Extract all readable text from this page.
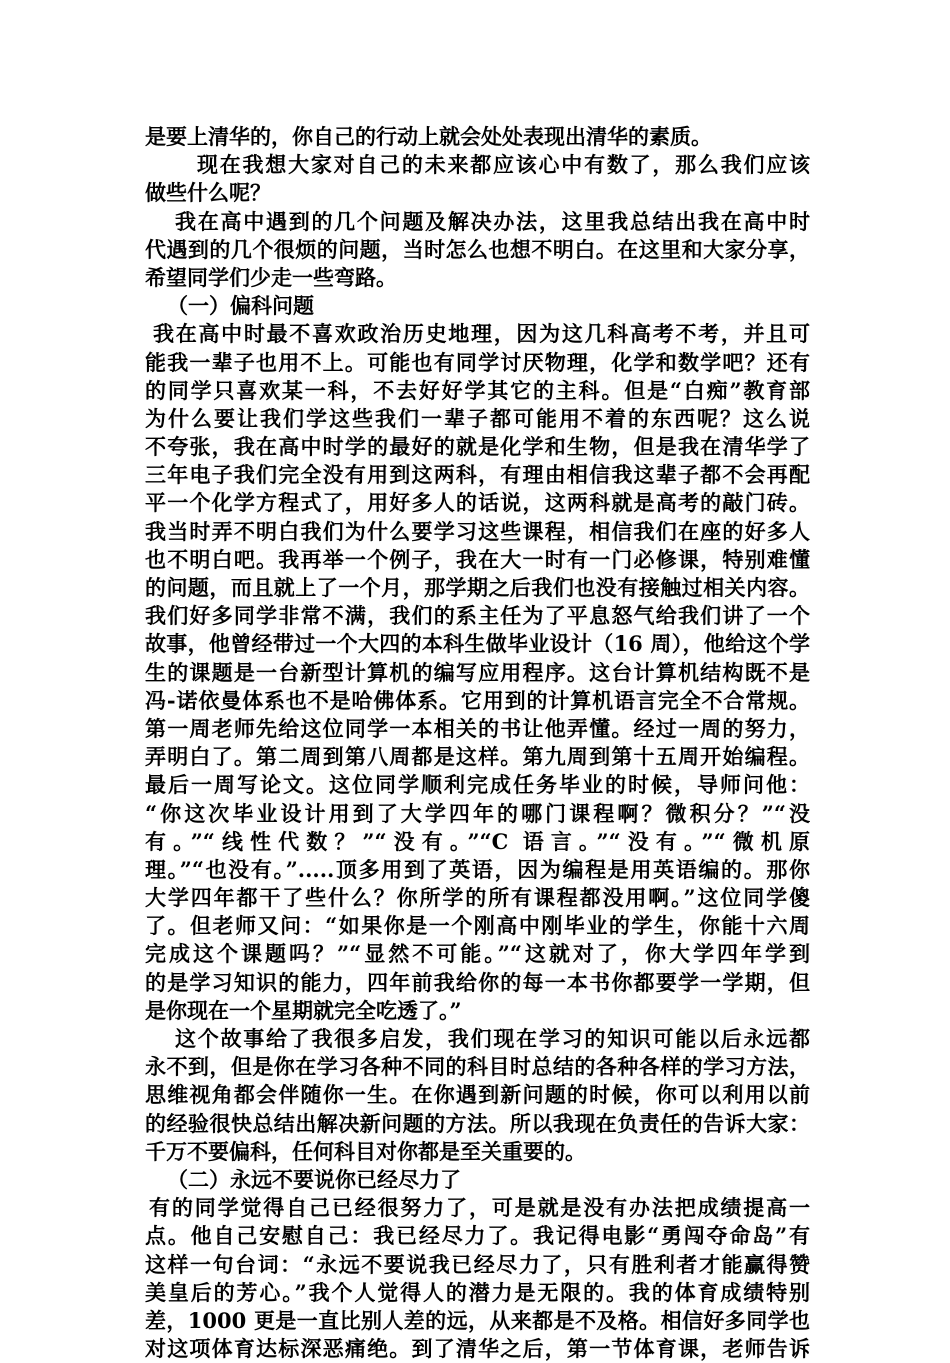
是要上清华的，你自己的行动上就会处处表现出清华的素质。
现在我想大家对自己的未来都应该心中有数了，那么我们应该
做些什么呢？
我在高中遇到的几个问题及解决办法，这里我总结出我在高中时
代遇到的几个很烦的问题，当时怎么也想不明白。在这里和大家分享，
希望同学们少走一些弯路。
（一）偏科问题
我在高中时最不喜欢政治历史地理，因为这几科高考不考，并且可
能我一辈子也用不上。可能也有同学讨厌物理，化学和数学吧？还有
的同学只喜欢某一科，不去好好学其它的主科。但是“白痴”教育部
为什么要让我们学这些我们一辈子都可能用不着的东西呢？这么说
不夸张，我在高中时学的最好的就是化学和生物，但是我在清华学了
三年电子我们完全没有用到这两科，有理由相信我这辈子都不会再配
平一个化学方程式了，用好多人的话说，这两科就是高考的敲门砖。
我当时弄不明白我们为什么要学习这些课程，相信我们在座的好多人
也不明白吧。我再举一个例子，我在大一时有一门必修课，特别难懂
的问题，而且就上了一个月，那学期之后我们也没有接触过相关内容。
我们好多同学非常不满，我们的系主任为了平息怒气给我们讲了一个
故事，他曾经带过一个大四的本科生做毕业设计（16 周），他给这个学
生的课题是一台新型计算机的编写应用程序。这台计算机结构既不是
冯-诺依曼体系也不是哈佛体系。它用到的计算机语言完全不合常规。
第一周老师先给这位同学一本相关的书让他弄懂。经过一周的努力，
弄明白了。第二周到第八周都是这样。第九周到第十五周开始编程。
最后一周写论文。这位同学顺利完成任务毕业的时候，导师问他：
“你这次毕业设计用到了大学四年的哪门课程啊？微积分？”“没
有。”“线性代数？”“没有。”“C 语言。”“没有。”“微机原
理。”“也没有。”.....顶多用到了英语，因为编程是用英语编的。那你
大学四年都干了些什么？你所学的所有课程都没用啊。”这位同学傻
了。但老师又问：“如果你是一个刚高中刚毕业的学生，你能十六周
完成这个课题吗？”“显然不可能。”“这就对了，你大学四年学到
的是学习知识的能力，四年前我给你的每一本书你都要学一学期，但
是你现在一个星期就完全吃透了。”
这个故事给了我很多启发，我们现在学习的知识可能以后永远都
永不到，但是你在学习各种不同的科目时总结的各种各样的学习方法，
思维视角都会伴随你一生。在你遇到新问题的时候，你可以利用以前
的经验很快总结出解决新问题的方法。所以我现在负责任的告诉大家：
千万不要偏科，任何科目对你都是至关重要的。
（二）永远不要说你已经尽力了
有的同学觉得自己已经很努力了，可是就是没有办法把成绩提高一
点。他自己安慰自己：我已经尽力了。我记得电影“勇闯夺命岛”有
这样一句台词：“永远不要说我已经尽力了，只有胜利者才能赢得赞
美皇后的芳心。”我个人觉得人的潜力是无限的。我的体育成绩特别
差，1000 更是一直比别人差的远，从来都是不及格。相信好多同学也
对这项体育达标深恶痛绝。到了清华之后，第一节体育课，老师告诉
